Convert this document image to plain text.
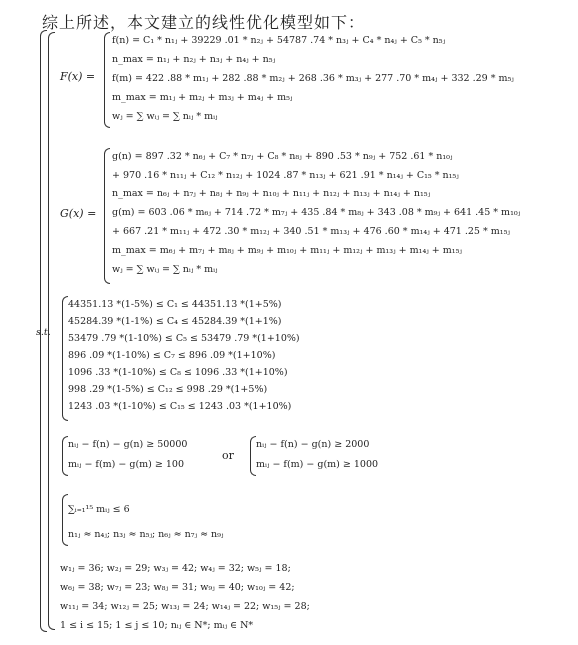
综上所述，本文建立的线性优化模型如下：
s.t.
F(x) =
f(n) = C₁ * n₁ⱼ + 39229 .01 * n₂ⱼ + 54787 .74 * n₃ⱼ + C₄ * n₄ⱼ + C₅ * n₅ⱼ
n_max = n₁ⱼ + n₂ⱼ + n₃ⱼ + n₄ⱼ + n₅ⱼ
f(m) = 422 .88 * m₁ⱼ + 282 .88 * m₂ⱼ + 268 .36 * m₃ⱼ + 277 .70 * m₄ⱼ + 332 .29 * m₅ⱼ
m_max = m₁ⱼ + m₂ⱼ + m₃ⱼ + m₄ⱼ + m₅ⱼ
wⱼ = ∑ wᵢⱼ = ∑ nᵢⱼ * mᵢⱼ
G(x) =
g(n) = 897 .32 * n₆ⱼ + C₇ * n₇ⱼ + C₈ * n₈ⱼ + 890 .53 * n₉ⱼ + 752 .61 * n₁₀ⱼ
+ 970 .16 * n₁₁ⱼ + C₁₂ * n₁₂ⱼ + 1024 .87 * n₁₃ⱼ + 621 .91 * n₁₄ⱼ + C₁₅ * n₁₅ⱼ
n_max = n₆ⱼ + n₇ⱼ + n₈ⱼ + n₉ⱼ + n₁₀ⱼ + n₁₁ⱼ + n₁₂ⱼ + n₁₃ⱼ + n₁₄ⱼ + n₁₅ⱼ
g(m) = 603 .06 * m₆ⱼ + 714 .72 * m₇ⱼ + 435 .84 * m₈ⱼ + 343 .08 * m₉ⱼ + 641 .45 * m₁₀ⱼ
+ 667 .21 * m₁₁ⱼ + 472 .30 * m₁₂ⱼ + 340 .51 * m₁₃ⱼ + 476 .60 * m₁₄ⱼ + 471 .25 * m₁₅ⱼ
m_max = m₆ⱼ + m₇ⱼ + m₈ⱼ + m₉ⱼ + m₁₀ⱼ + m₁₁ⱼ + m₁₂ⱼ + m₁₃ⱼ + m₁₄ⱼ + m₁₅ⱼ
wⱼ = ∑ wᵢⱼ = ∑ nᵢⱼ * mᵢⱼ
44351.13 *(1-5%) ≤ C₁ ≤ 44351.13 *(1+5%)
45284.39 *(1-1%) ≤ C₄ ≤ 45284.39 *(1+1%)
53479 .79 *(1-10%) ≤ C₅ ≤ 53479 .79 *(1+10%)
896 .09 *(1-10%) ≤ C₇ ≤ 896 .09 *(1+10%)
1096 .33 *(1-10%) ≤ C₈ ≤ 1096 .33 *(1+10%)
998 .29 *(1-5%) ≤ C₁₂ ≤ 998 .29 *(1+5%)
1243 .03 *(1-10%) ≤ C₁₅ ≤ 1243 .03 *(1+10%)
nᵢⱼ − f(n) − g(n) ≥ 50000
mᵢⱼ − f(m) − g(m) ≥ 100
or
nᵢⱼ − f(n) − g(n) ≥ 2000
mᵢⱼ − f(m) − g(m) ≥ 1000
∑ᵢ₌₁¹⁵ mᵢⱼ ≤ 6
n₁ⱼ ≈ n₄ⱼ; n₃ⱼ ≈ n₅ⱼ; n₆ⱼ ≈ n₇ⱼ ≈ n₉ⱼ
w₁ⱼ = 36; w₂ⱼ = 29; w₃ⱼ = 42; w₄ⱼ = 32; w₅ⱼ = 18;
w₆ⱼ = 38; w₇ⱼ = 23; w₈ⱼ = 31; w₉ⱼ = 40; w₁₀ⱼ = 42;
w₁₁ⱼ = 34; w₁₂ⱼ = 25; w₁₃ⱼ = 24; w₁₄ⱼ = 22; w₁₅ⱼ = 28;
1 ≤ i ≤ 15; 1 ≤ j ≤ 10; nᵢⱼ ∈ N*; mᵢⱼ ∈ N*
